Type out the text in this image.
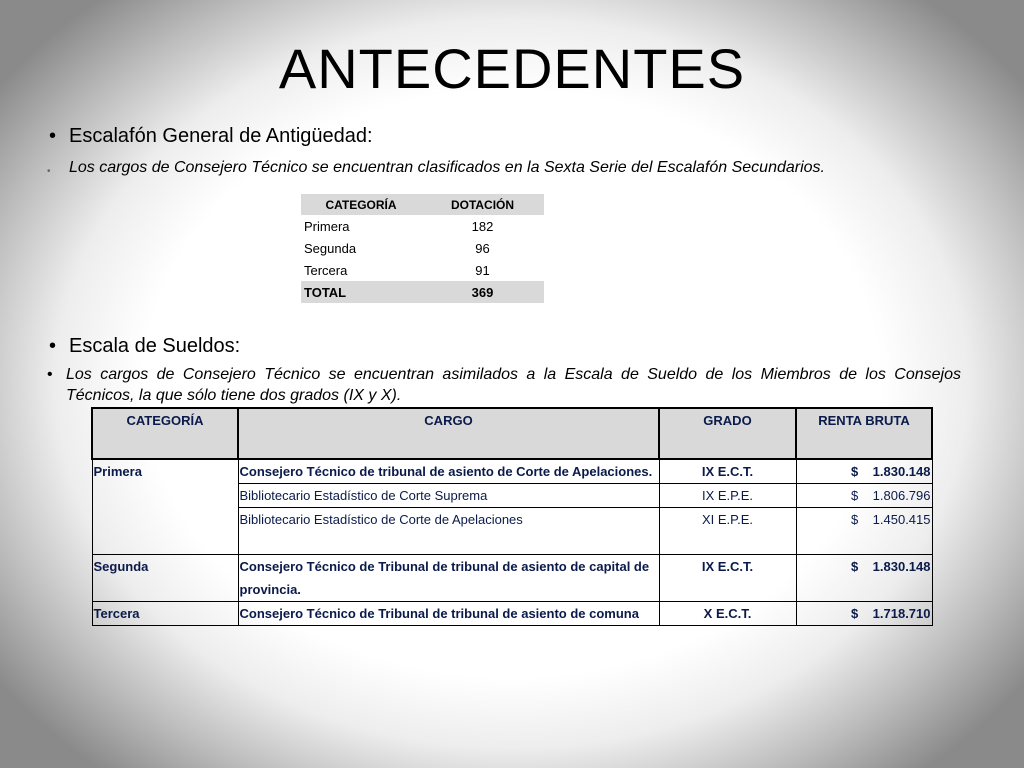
ANTECEDENTES
• Escalafón General de Antigüedad:
• Los cargos de Consejero Técnico se encuentran clasificados en la Sexta Serie del Escalafón Secundarios.
CATEGORÍA	DOTACIÓN
Primera	182
Segunda	96
Tercera	91
TOTAL	369
• Escala de Sueldos:
• Los cargos de Consejero Técnico se encuentran asimilados a la Escala de Sueldo de los Miembros de los Consejos Técnicos, la que sólo tiene dos grados (IX y X).
CATEGORÍA	CARGO	GRADO	RENTA BRUTA
Primera	Consejero Técnico de tribunal de asiento de Corte de Apelaciones.	IX E.C.T.	$    1.830.148
	Bibliotecario Estadístico de Corte Suprema	IX E.P.E.	$    1.806.796
	Bibliotecario Estadístico de Corte de Apelaciones	XI E.P.E.	$    1.450.415
Segunda	Consejero Técnico de Tribunal de tribunal de asiento de capital de provincia.	IX E.C.T.	$    1.830.148
Tercera	Consejero Técnico de Tribunal de tribunal de asiento de comuna	X E.C.T.	$    1.718.710
